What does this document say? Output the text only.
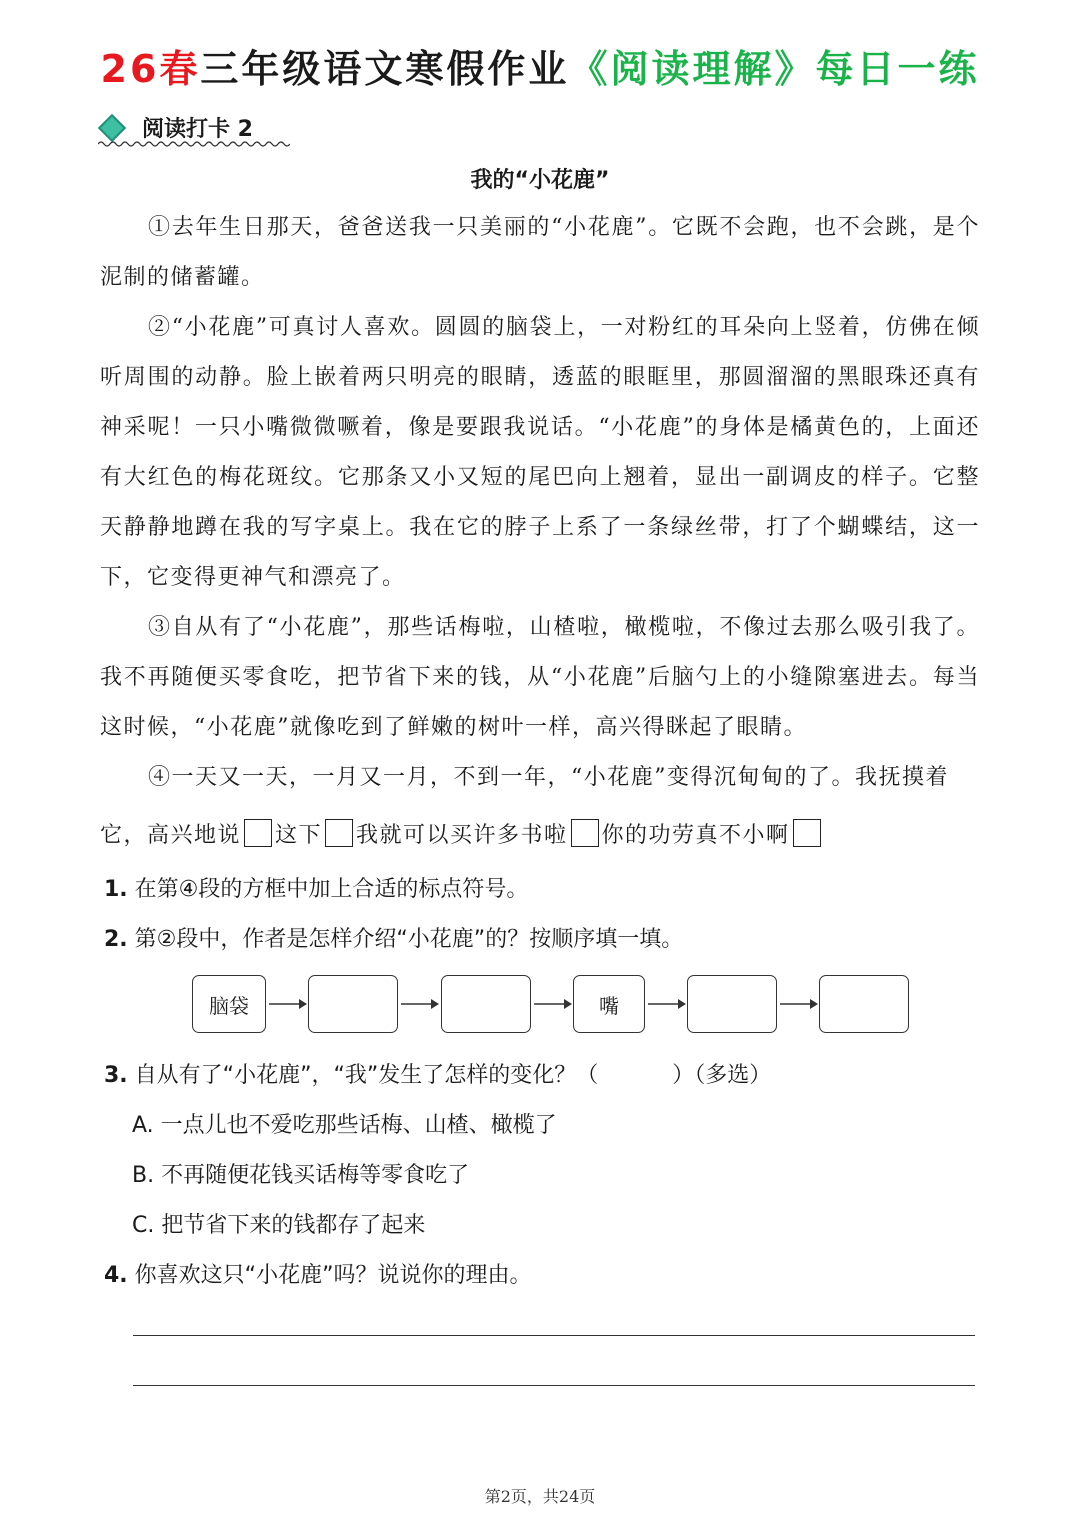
26春三年级语文寒假作业《阅读理解》每日一练
阅读打卡 2
我的“小花鹿”

①去年生日那天，爸爸送我一只美丽的“小花鹿”。它既不会跑，也不会跳，是个泥制的储蓄罐。

②“小花鹿”可真讨人喜欢。圆圆的脑袋上，一对粉红的耳朵向上竖着，仿佛在倾听周围的动静。脸上嵌着两只明亮的眼睛，透蓝的眼眶里，那圆溜溜的黑眼珠还真有神采呢！一只小嘴微微噘着，像是要跟我说话。“小花鹿”的身体是橘黄色的，上面还有大红色的梅花斑纹。它那条又小又短的尾巴向上翘着，显出一副调皮的样子。它整天静静地蹲在我的写字桌上。我在它的脖子上系了一条绿丝带，打了个蝴蝶结，这一下，它变得更神气和漂亮了。

③自从有了“小花鹿”，那些话梅啦，山楂啦，橄榄啦，不像过去那么吸引我了。我不再随便买零食吃，把节省下来的钱，从“小花鹿”后脑勺上的小缝隙塞进去。每当这时候，“小花鹿”就像吃到了鲜嫩的树叶一样，高兴得眯起了眼睛。

④一天又一天，一月又一月，不到一年，“小花鹿”变得沉甸甸的了。我抚摸着

它，高兴地说 这下 我就可以买许多书啦 你的功劳真不小啊
1. 在第④段的方框中加上合适的标点符号。
2. 第②段中，作者是怎样介绍“小花鹿”的？按顺序填一填。
脑袋	嘴
3. 自从有了“小花鹿”，“我”发生了怎样的变化？（	）（多选）
A. 一点儿也不爱吃那些话梅、山楂、橄榄了
B. 不再随便花钱买话梅等零食吃了
C. 把节省下来的钱都存了起来
4. 你喜欢这只“小花鹿”吗？说说你的理由。
第2页，共24页
